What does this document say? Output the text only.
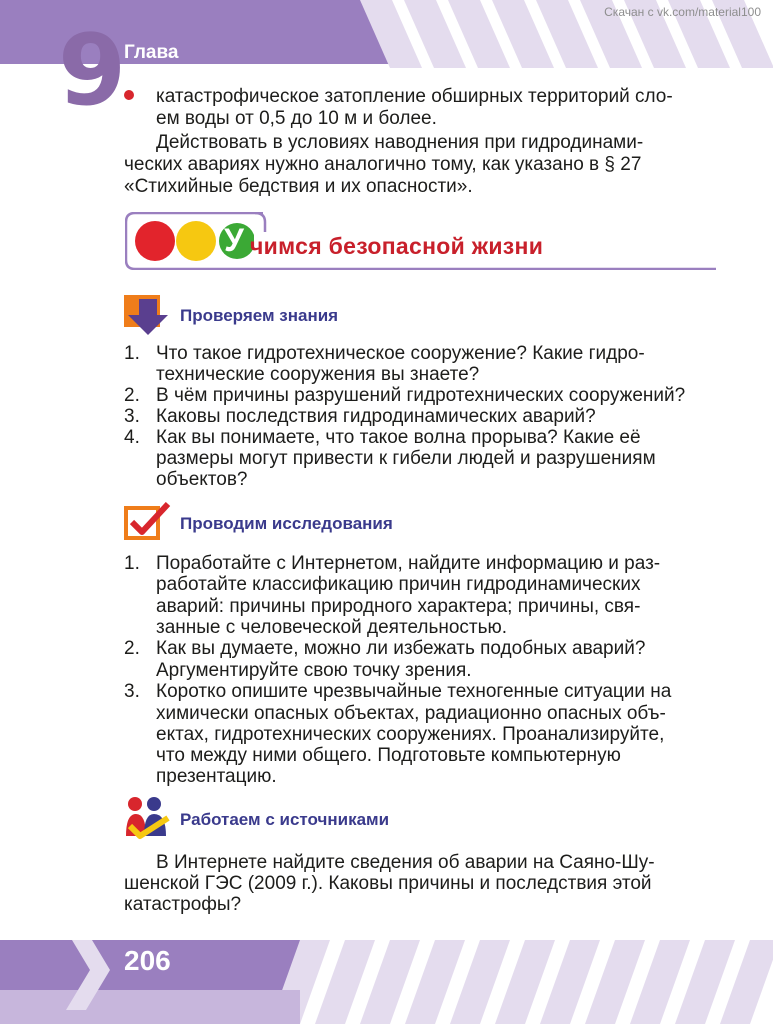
9 Глава
Скачан с vk.com/material100
катастрофическое затопление обширных территорий сло-
ем воды от 0,5 до 10 м и более.
Действовать в условиях наводнения при гидродинами-
ческих авариях нужно аналогично тому, как указано в § 27
«Стихийные бедствия и их опасности».
У чимся безопасной жизни
Проверяем знания
1. Что такое гидротехническое сооружение? Какие гидро-
технические сооружения вы знаете?
2. В чём причины разрушений гидротехнических сооружений?
3. Каковы последствия гидродинамических аварий?
4. Как вы понимаете, что такое волна прорыва? Какие её
размеры могут привести к гибели людей и разрушениям
объектов?
Проводим исследования
1. Поработайте с Интернетом, найдите информацию и раз-
работайте классификацию причин гидродинамических
аварий: причины природного характера; причины, свя-
занные с человеческой деятельностью.
2. Как вы думаете, можно ли избежать подобных аварий?
Аргументируйте свою точку зрения.
3. Коротко опишите чрезвычайные техногенные ситуации на
химически опасных объектах, радиационно опасных объ-
ектах, гидротехнических сооружениях. Проанализируйте,
что между ними общего. Подготовьте компьютерную
презентацию.
Работаем с источниками
В Интернете найдите сведения об аварии на Саяно-Шу-
шенской ГЭС (2009 г.). Каковы причины и последствия этой
катастрофы?
206
